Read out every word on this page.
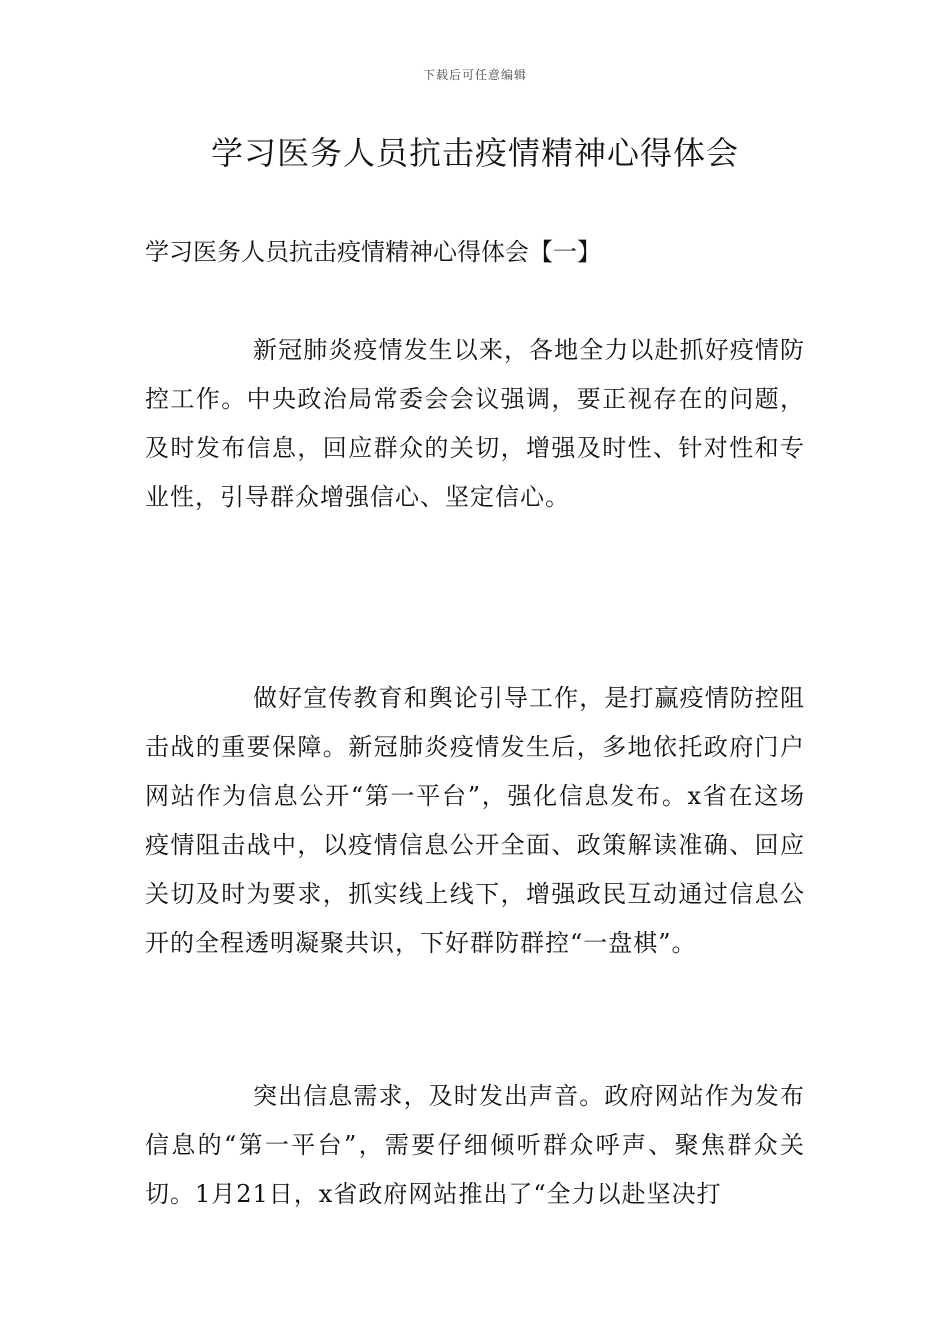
下载后可任意编辑
学习医务人员抗击疫情精神心得体会
学习医务人员抗击疫情精神心得体会【一】

新冠肺炎疫情发生以来，各地全力以赴抓好疫情防控工作。中央政治局常委会会议强调，要正视存在的问题，及时发布信息，回应群众的关切，增强及时性、针对性和专业性，引导群众增强信心、坚定信心。

做好宣传教育和舆论引导工作，是打赢疫情防控阻击战的重要保障。新冠肺炎疫情发生后，多地依托政府门户网站作为信息公开“第一平台”，强化信息发布。x省在这场疫情阻击战中，以疫情信息公开全面、政策解读准确、回应关切及时为要求，抓实线上线下，增强政民互动通过信息公开的全程透明凝聚共识，下好群防群控“一盘棋”。

突出信息需求，及时发出声音。政府网站作为发布信息的“第一平台”，需要仔细倾听群众呼声、聚焦群众关切。1月21日，x省政府网站推出了“全力以赴坚决打
